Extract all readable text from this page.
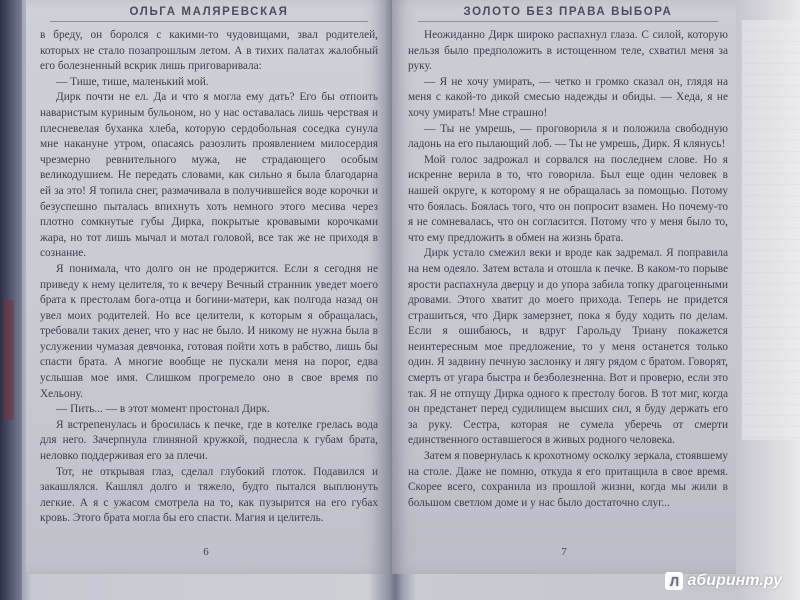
ОЛЬГА МАЛЯРЕВСКАЯ

в бреду, он боролся с какими-то чудовищами, звал родителей, которых не стало позапрошлым летом. А в тихих палатах жалобный его болезненный вскрик лишь приговаривала:

— Тише, тише, маленький мой.

Дирк почти не ел. Да и что я могла ему дать? Его бы отпоить наваристым куриным бульоном, но у нас оставалась лишь черствая и плесневелая буханка хлеба, которую сердобольная соседка сунула мне накануне утром, опасаясь разозлить проявлением милосердия чрезмерно ревнительного мужа, не страдающего особым великодушием. Не передать словами, как сильно я была благодарна ей за это! Я топила снег, размачивала в получившейся воде корочки и безуспешно пыталась впихнуть хоть немного этого месива через плотно сомкнутые губы Дирка, покрытые кровавыми корочками жара, но тот лишь мычал и мотал головой, все так же не приходя в сознание.

Я понимала, что долго он не продержится. Если я сегодня не приведу к нему целителя, то к вечеру Вечный странник уведет моего брата к престолам бога-отца и богини-матери, как полгода назад он увел моих родителей. Но все целители, к которым я обращалась, требовали таких денег, что у нас не было. И никому не нужна была в услужении чумазая девчонка, готовая пойти хоть в рабство, лишь бы спасти брата. А многие вообще не пускали меня на порог, едва услышав мое имя. Слишком прогремело оно в свое время по Хельону.

— Пить... — в этот момент простонал Дирк.

Я встрепенулась и бросилась к печке, где в котелке грелась вода для него. Зачерпнула глиняной кружкой, поднесла к губам брата, неловко поддерживая его за плечи.

Тот, не открывая глаз, сделал глубокий глоток. Подавился и закашлялся. Кашлял долго и тяжело, будто пытался выплюнуть легкие. А я с ужасом смотрела на то, как пузырится на его губах кровь. Этого брата могла бы его спасти. Магия и целитель.

6
ЗОЛОТО БЕЗ ПРАВА ВЫБОРА

Неожиданно Дирк широко распахнул глаза. С силой, которую нельзя было предположить в истощенном теле, схватил меня за руку.

— Я не хочу умирать, — четко и громко сказал он, глядя на меня с какой-то дикой смесью надежды и обиды. — Хеда, я не хочу умирать! Мне страшно!

— Ты не умрешь, — проговорила я и положила свободную ладонь на его пылающий лоб. — Ты не умрешь, Дирк. Я клянусь!

Мой голос задрожал и сорвался на последнем слове. Но я искренне верила в то, что говорила. Был еще один человек в нашей округе, к которому я не обращалась за помощью. Потому что боялась. Боялась того, что он попросит взамен. Но почему-то я не сомневалась, что он согласится. Потому что у меня было то, что ему предложить в обмен на жизнь брата.

Дирк устало смежил веки и вроде как задремал. Я поправила на нем одеяло. Затем встала и отошла к печке. В каком-то порыве ярости распахнула дверцу и до упора забила топку драгоценными дровами. Этого хватит до моего прихода. Теперь не придется страшиться, что Дирк замерзнет, пока я буду ходить по делам. Если я ошибаюсь, и вдруг Гарольду Триану покажется неинтересным мое предложение, то у меня останется только один. Я задвину печную заслонку и лягу рядом с братом. Говорят, смерть от угара быстра и безболезненна. Вот и проверю, если это так. Я не отпущу Дирка одного к престолу богов. В тот миг, когда он предстанет перед судилищем высших сил, я буду держать его за руку. Сестра, которая не сумела уберечь от смерти единственного оставшегося в живых родного человека.

Затем я повернулась к крохотному осколку зеркала, стоявшему на столе. Даже не помню, откуда я его притащила в свое время. Скорее всего, сохранила из прошлой жизни, когда мы жили в большом светлом доме и у нас было достаточно слуг...

7
Л абиринт.ру
